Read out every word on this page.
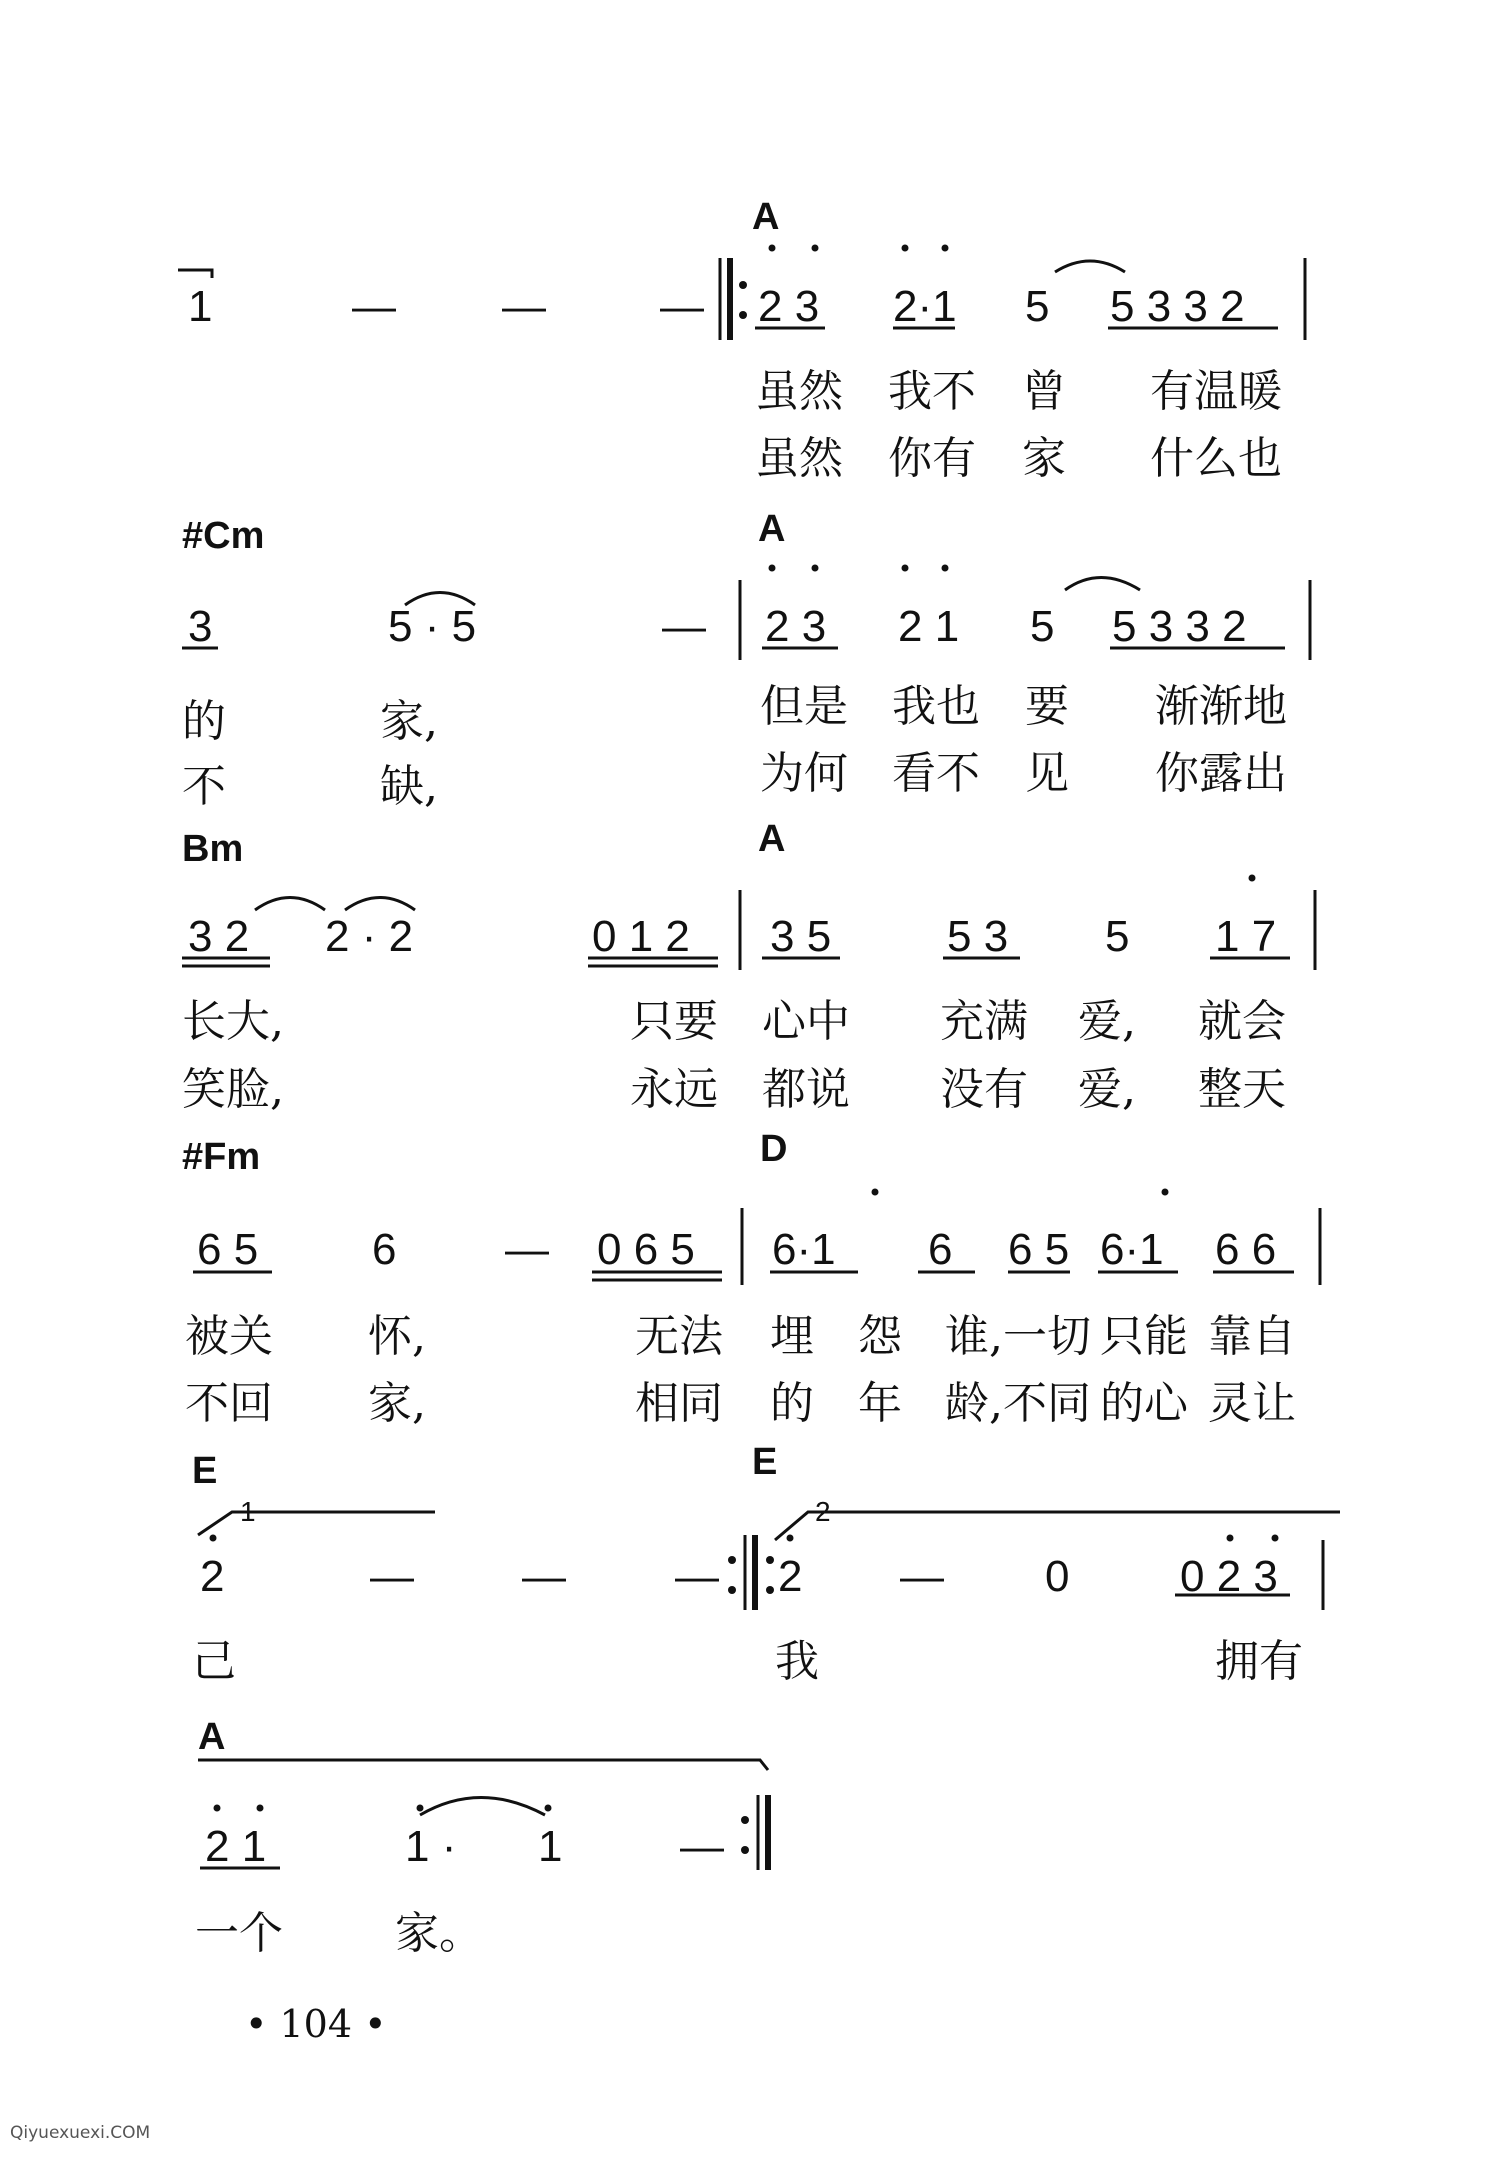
A
1	— —	— 2 3 2·1 5 5 3 3 2
虽然 我不 曾 有温暖
虽然 你有 家 什么也
#Cm	A
3	5 · 5	— 2 3 2 1 5 5 3 3 2
的	家,	但是 我也 要 渐渐地
不	缺,	为何 看不 见 你露出
Bm	A
3 2 2 · 2	0 1 2 3 5	5 3 5 1 7
长大,	只要 心中 充满 爱, 就会
笑脸,	永远 都说 没有 爱, 整天
#Fm	D
6 5	6 — 0 6 5 6·1 6 6 5 6·1 6 6
被关 怀,	无法 埋 怨 谁,一切 只能 靠自
不回 家,	相同 的 年 龄,不同 的心 灵让
E	E
1	2
2	— — — 2 — 0	0 2 3
己	我	拥有
A
2 1	1 · 1	—
一个	家。
• 104 •
Qiyuexuexi.COM
